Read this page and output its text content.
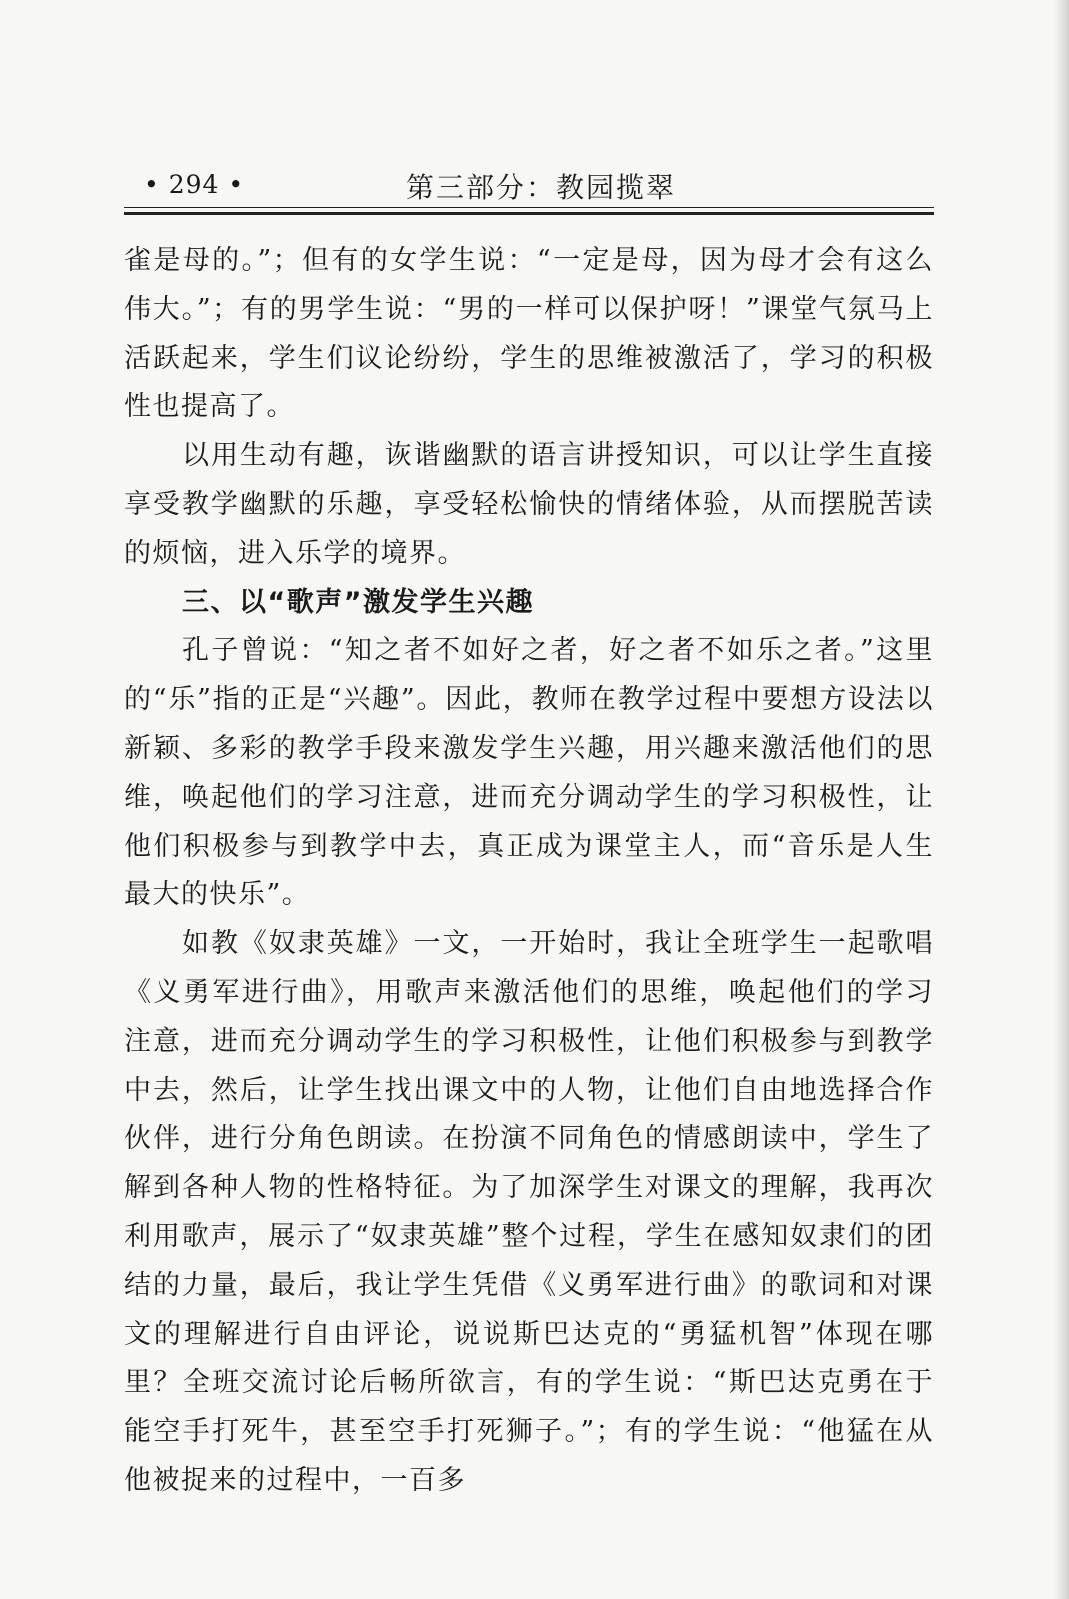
• 294 •	第三部分：教园揽翠

雀是母的。”；但有的女学生说：“一定是母，因为母才会有这么伟大。”；有的男学生说：“男的一样可以保护呀！”课堂气氛马上活跃起来，学生们议论纷纷，学生的思维被激活了，学习的积极性也提高了。

以用生动有趣，诙谐幽默的语言讲授知识，可以让学生直接享受教学幽默的乐趣，享受轻松愉快的情绪体验，从而摆脱苦读的烦恼，进入乐学的境界。

三、以“歌声”激发学生兴趣

孔子曾说：“知之者不如好之者，好之者不如乐之者。”这里的“乐”指的正是“兴趣”。因此，教师在教学过程中要想方设法以新颖、多彩的教学手段来激发学生兴趣，用兴趣来激活他们的思维，唤起他们的学习注意，进而充分调动学生的学习积极性，让他们积极参与到教学中去，真正成为课堂主人，而“音乐是人生最大的快乐”。

如教《奴隶英雄》一文，一开始时，我让全班学生一起歌唱《义勇军进行曲》，用歌声来激活他们的思维，唤起他们的学习注意，进而充分调动学生的学习积极性，让他们积极参与到教学中去，然后，让学生找出课文中的人物，让他们自由地选择合作伙伴，进行分角色朗读。在扮演不同角色的情感朗读中，学生了解到各种人物的性格特征。为了加深学生对课文的理解，我再次利用歌声，展示了“奴隶英雄”整个过程，学生在感知奴隶们的团结的力量，最后，我让学生凭借《义勇军进行曲》的歌词和对课文的理解进行自由评论，说说斯巴达克的“勇猛机智”体现在哪里？全班交流讨论后畅所欲言，有的学生说：“斯巴达克勇在于能空手打死牛，甚至空手打死狮子。”；有的学生说：“他猛在从他被捉来的过程中，一百多
